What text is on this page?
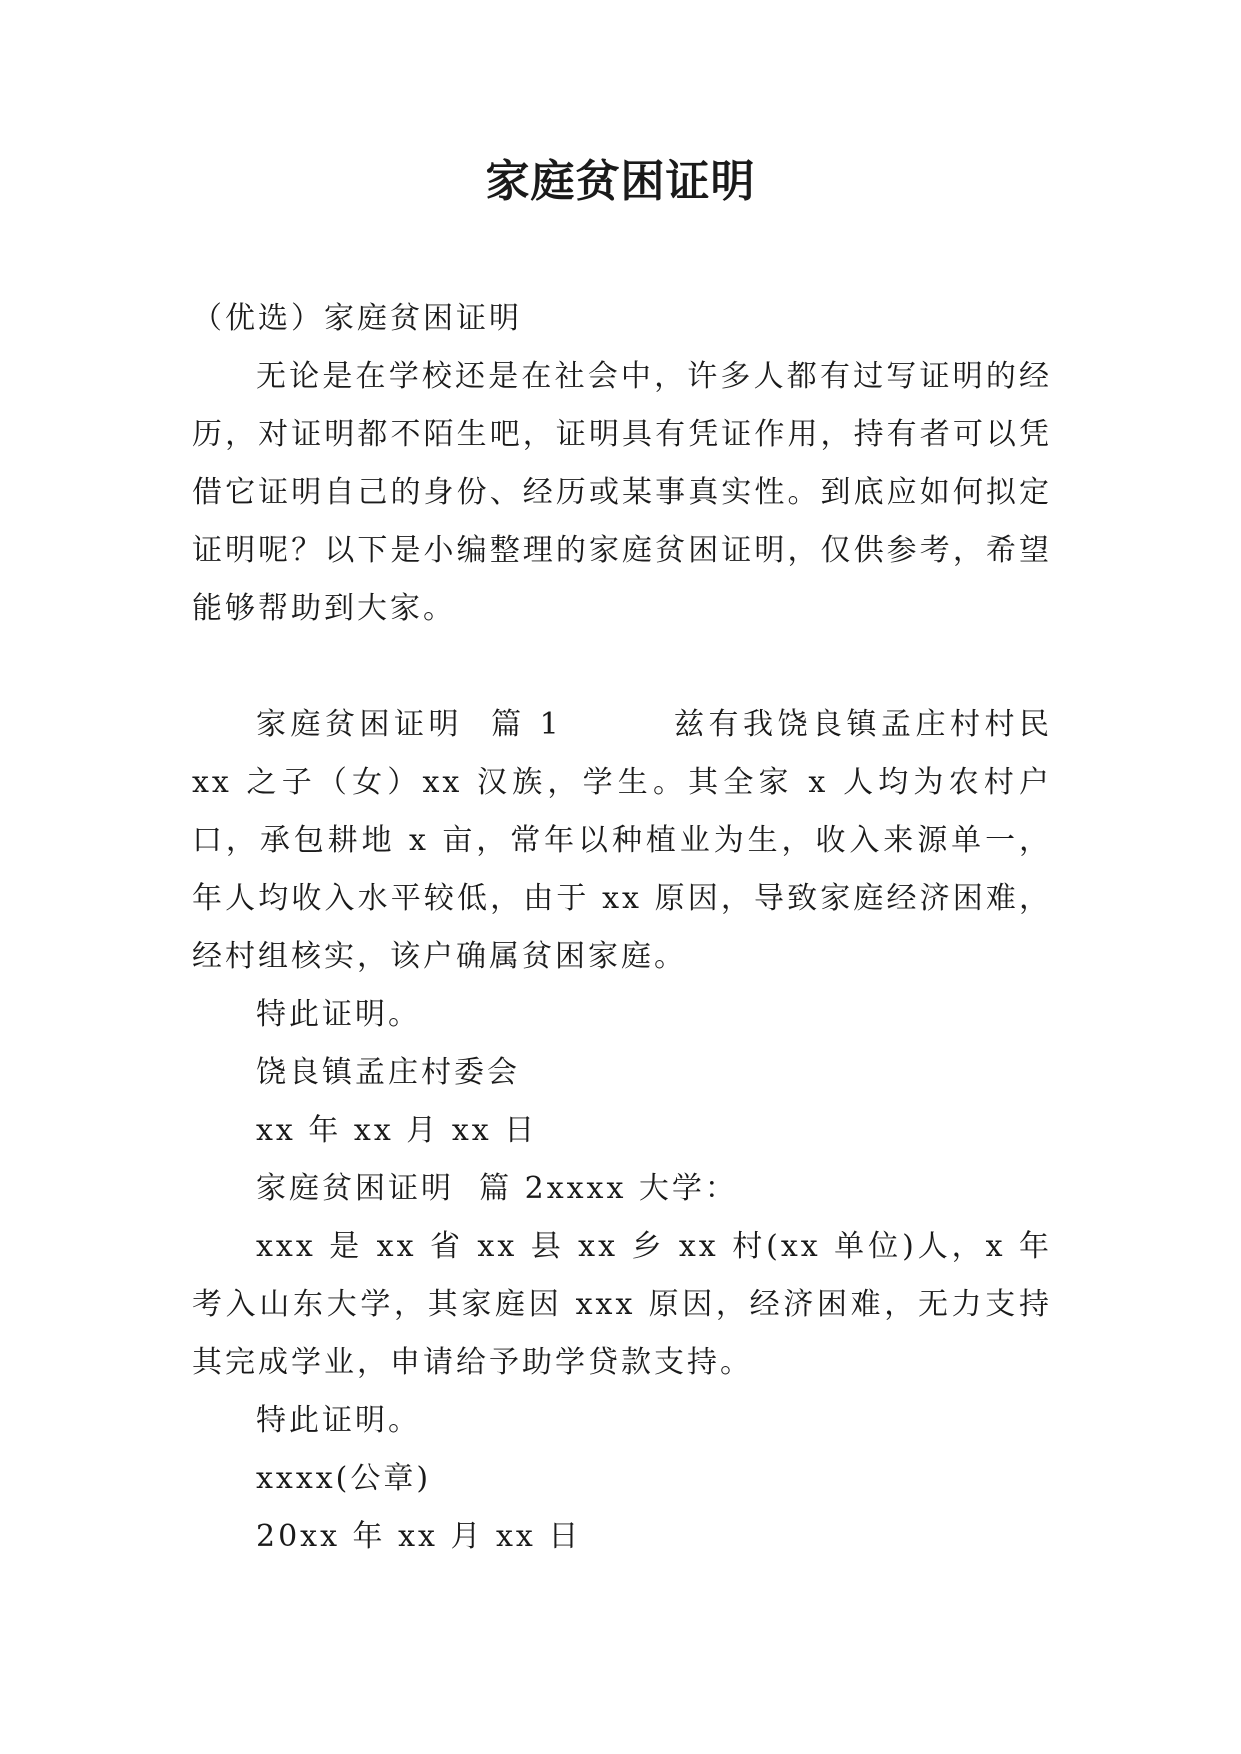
家庭贫困证明

（优选）家庭贫困证明

无论是在学校还是在社会中，许多人都有过写证明的经历，对证明都不陌生吧，证明具有凭证作用，持有者可以凭借它证明自己的身份、经历或某事真实性。到底应如何拟定证明呢？以下是小编整理的家庭贫困证明，仅供参考，希望能够帮助到大家。

家庭贫困证明  篇 1        兹有我饶良镇孟庄村村民 xx 之子（女）xx 汉族，学生。其全家 x 人均为农村户口，承包耕地 x 亩，常年以种植业为生，收入来源单一，年人均收入水平较低，由于 xx 原因，导致家庭经济困难，经村组核实，该户确属贫困家庭。

特此证明。

饶良镇孟庄村委会

xx 年 xx 月 xx 日

家庭贫困证明  篇 2xxxx 大学：

xxx 是 xx 省 xx 县 xx 乡 xx 村(xx 单位)人，x 年考入山东大学，其家庭因 xxx 原因，经济困难，无力支持其完成学业，申请给予助学贷款支持。

特此证明。

xxxx(公章)

20xx 年 xx 月 xx 日
